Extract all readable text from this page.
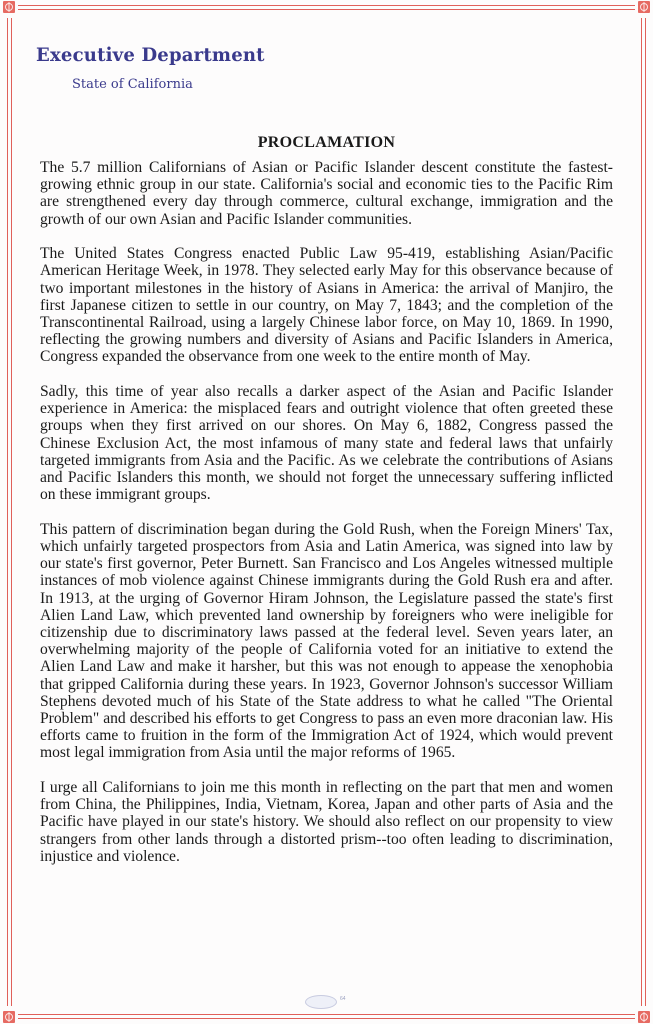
Executive Department
State of California
PROCLAMATION

The 5.7 million Californians of Asian or Pacific Islander descent constitute the fastest-growing ethnic group in our state. California's social and economic ties to the Pacific Rim are strengthened every day through commerce, cultural exchange, immigration and the growth of our own Asian and Pacific Islander communities.

The United States Congress enacted Public Law 95-419, establishing Asian/Pacific American Heritage Week, in 1978. They selected early May for this observance because of two important milestones in the history of Asians in America: the arrival of Manjiro, the first Japanese citizen to settle in our country, on May 7, 1843; and the completion of the Transcontinental Railroad, using a largely Chinese labor force, on May 10, 1869. In 1990, reflecting the growing numbers and diversity of Asians and Pacific Islanders in America, Congress expanded the observance from one week to the entire month of May.

Sadly, this time of year also recalls a darker aspect of the Asian and Pacific Islander experience in America: the misplaced fears and outright violence that often greeted these groups when they first arrived on our shores. On May 6, 1882, Congress passed the Chinese Exclusion Act, the most infamous of many state and federal laws that unfairly targeted immigrants from Asia and the Pacific. As we celebrate the contributions of Asians and Pacific Islanders this month, we should not forget the unnecessary suffering inflicted on these immigrant groups.

This pattern of discrimination began during the Gold Rush, when the Foreign Miners' Tax, which unfairly targeted prospectors from Asia and Latin America, was signed into law by our state's first governor, Peter Burnett. San Francisco and Los Angeles witnessed multiple instances of mob violence against Chinese immigrants during the Gold Rush era and after. In 1913, at the urging of Governor Hiram Johnson, the Legislature passed the state's first Alien Land Law, which prevented land ownership by foreigners who were ineligible for citizenship due to discriminatory laws passed at the federal level. Seven years later, an overwhelming majority of the people of California voted for an initiative to extend the Alien Land Law and make it harsher, but this was not enough to appease the xenophobia that gripped California during these years. In 1923, Governor Johnson's successor William Stephens devoted much of his State of the State address to what he called "The Oriental Problem" and described his efforts to get Congress to pass an even more draconian law. His efforts came to fruition in the form of the Immigration Act of 1924, which would prevent most legal immigration from Asia until the major reforms of 1965.

I urge all Californians to join me this month in reflecting on the part that men and women from China, the Philippines, India, Vietnam, Korea, Japan and other parts of Asia and the Pacific have played in our state's history. We should also reflect on our propensity to view strangers from other lands through a distorted prism--too often leading to discrimination, injustice and violence.

64
